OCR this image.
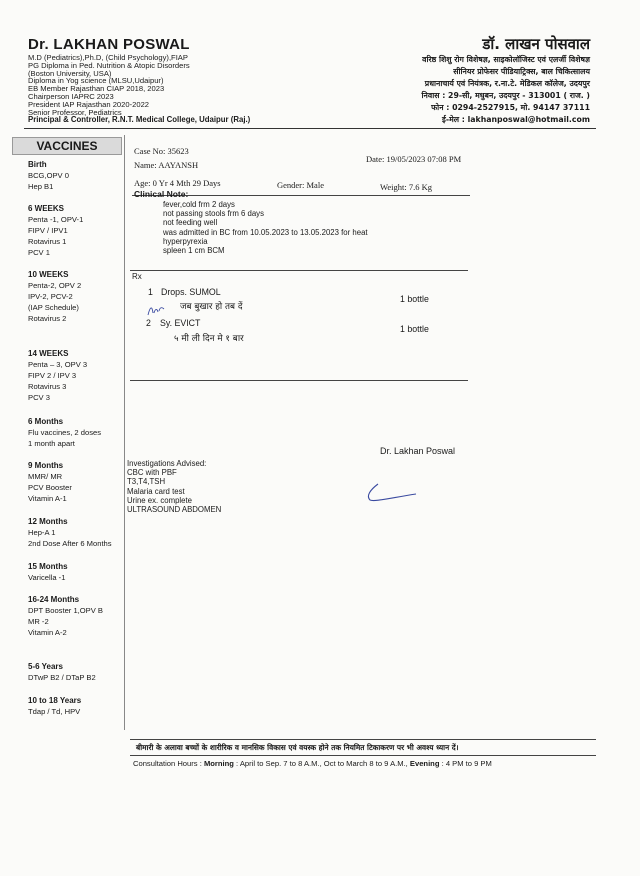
Dr. LAKHAN POSWAL
M.D (Pediatrics),Ph.D, (Child Psychology),FIAP
PG Diploma in Ped. Nutrition & Atopic Disorders
(Boston University, USA)
Diploma in Yog science (MLSU,Udaipur)
EB Member Rajasthan CIAP 2018, 2023
Chairperson IAPRC 2023
President IAP Rajasthan 2020-2022
Senior Professor, Pediatrics
Principal & Controller, R.N.T. Medical College, Udaipur (Raj.)
डॉ. लाखन पोसवाल
वरिष्ठ शिशु रोग विशेषज्ञ, साइकोलॉजिस्ट एवं एलर्जी विशेषज्ञ
सीनियर प्रोफेसर पीडियाट्रिक्स, बाल चिकित्सालय
प्रधानाचार्य एवं नियंत्रक, र.ना.टे. मेडिकल कॉलेज, उदयपुर
निवास : 29-सी, मधुबन, उदयपुर - 313001 ( राज. )
फोन : 0294-2527915, मो. 94147 37111
ई-मेल : lakhanposwal@hotmail.com
VACCINES
Birth
BCG,OPV 0
Hep B1
6 WEEKS
Penta -1, OPV-1
FIPV / IPV1
Rotavirus 1
PCV 1
10 WEEKS
Penta-2, OPV 2
IPV-2, PCV-2
(IAP Schedule)
Rotavirus 2
14 WEEKS
Penta – 3, OPV 3
FIPV 2 / IPV 3
Rotavirus 3
PCV 3
6 Months
Flu vaccines, 2 doses
1 month apart
9 Months
MMR/ MR
PCV Booster
Vitamin A-1
12 Months
Hep-A 1
2nd Dose After 6 Months
15 Months
Varicella -1
16-24 Months
DPT Booster 1,OPV B
MR -2
Vitamin A-2
5-6 Years
DTwP B2 / DTaP B2
10 to 18 Years
Tdap / Td, HPV
Case No: 35623
Date: 19/05/2023 07:08 PM
Name: AAYANSH
Age: 0 Yr 4 Mth 29 Days	Gender: Male	Weight: 7.6 Kg
Clinical Note:
fever,cold frm 2 days
not passing stools frm 6 days
not feeding well
was admitted in BC from 10.05.2023 to 13.05.2023 for heat
hyperpyrexia
spleen 1 cm BCM
Rx
1 Drops. SUMOL
1 bottle
जब बुखार हो तब दें
2 Sy. EVICT
1 bottle
५ मी ली दिन मे १ बार
Dr. Lakhan Poswal
Investigations Advised:
CBC with PBF
T3,T4,TSH
Malaria card test
Urine ex. complete
ULTRASOUND ABDOMEN
बीमारी के अलावा बच्चों के शारीरिक व मानसिक विकास एवं वयस्क होने तक नियमित टिकाकरण पर भी अवश्य ध्यान दें।
Consultation Hours : Morning : April to Sep. 7 to 8 A.M., Oct to March 8 to 9 A.M., Evening : 4 PM to 9 PM
